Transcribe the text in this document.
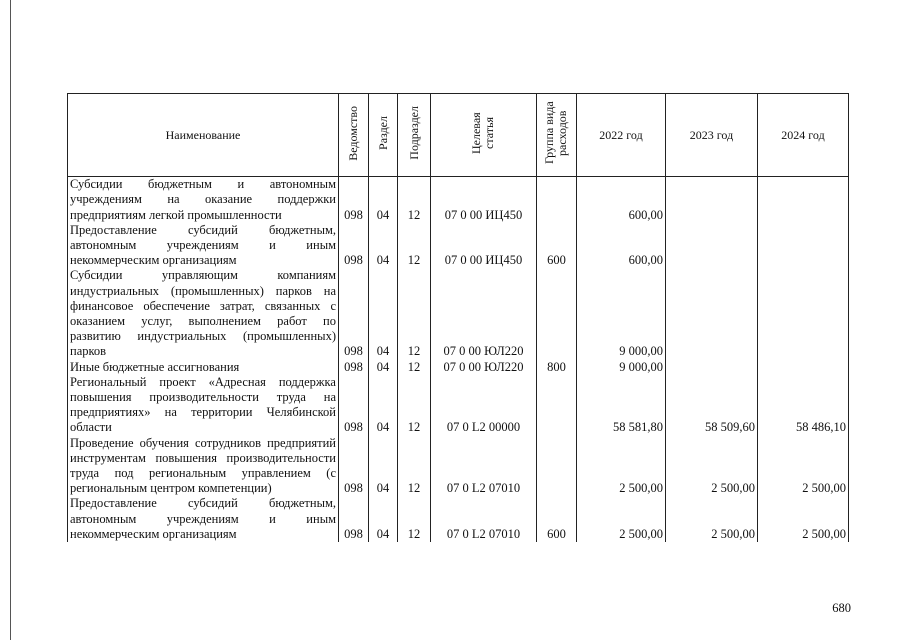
Наименование	Ведомство	Раздел	Подраздел	Целевая статья	Группа вида расходов	2022 год	2023 год	2024 год
Субсидии бюджетным и автономным учреждениям на оказание поддержки предприятиям легкой промышленности	098	04	12	07 0 00 ИЦ450		600,00		
Предоставление субсидий бюджетным, автономным учреждениям и иным некоммерческим организациям	098	04	12	07 0 00 ИЦ450	600	600,00		
Субсидии управляющим компаниям индустриальных (промышленных) парков на финансовое обеспечение затрат, связанных с оказанием услуг, выполнением работ по развитию индустриальных (промышленных) парков	098	04	12	07 0 00 ЮЛ220		9 000,00		
Иные бюджетные ассигнования	098	04	12	07 0 00 ЮЛ220	800	9 000,00		
Региональный проект «Адресная поддержка повышения производительности труда на предприятиях» на территории Челябинской области	098	04	12	07 0 L2 00000		58 581,80	58 509,60	58 486,10
Проведение обучения сотрудников предприятий инструментам повышения производительности труда под региональным управлением (с региональным центром компетенции)	098	04	12	07 0 L2 07010		2 500,00	2 500,00	2 500,00
Предоставление субсидий бюджетным, автономным учреждениям и иным некоммерческим организациям	098	04	12	07 0 L2 07010	600	2 500,00	2 500,00	2 500,00
680
